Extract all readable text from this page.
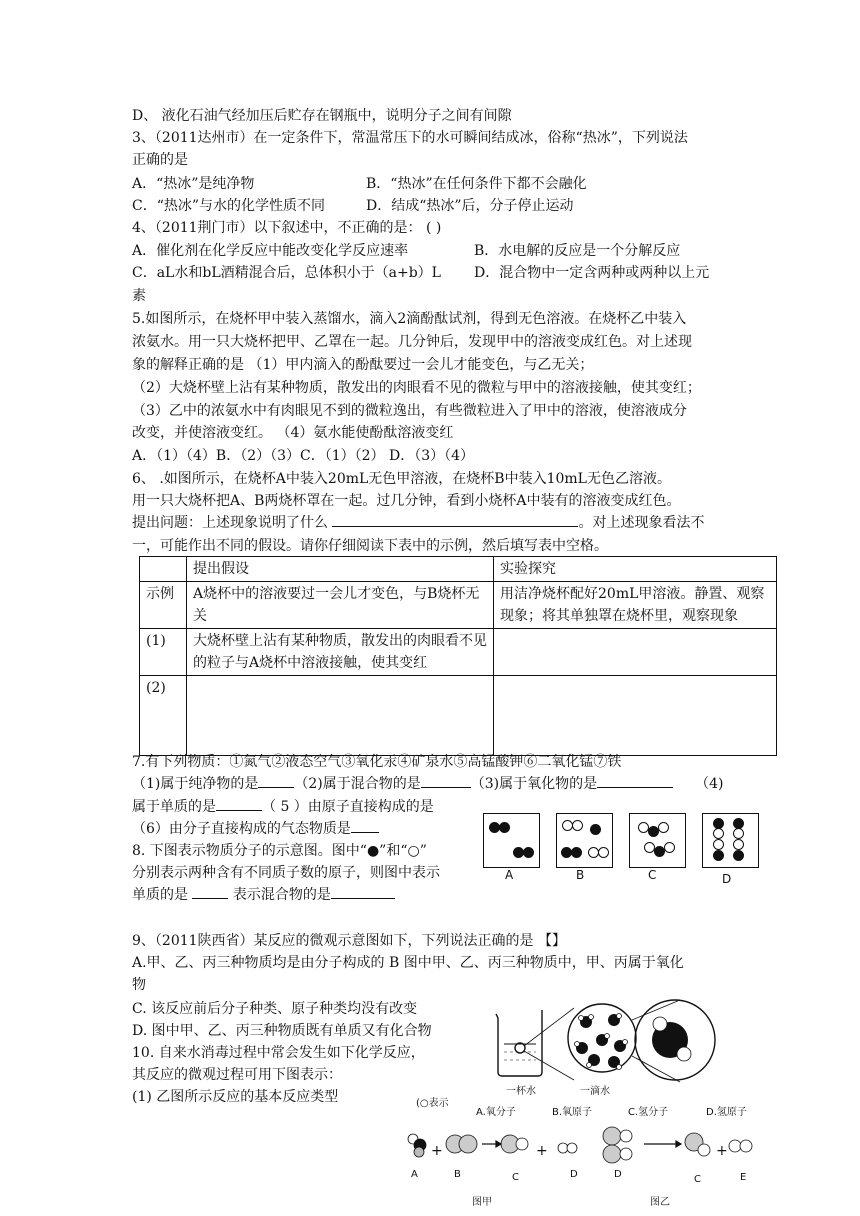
D、 液化石油气经加压后贮存在钢瓶中，说明分子之间有间隙
3、（2011达州市）在一定条件下，常温常压下的水可瞬间结成冰，俗称“热冰”，下列说法
正确的是
A．“热冰”是纯净物	B．“热冰”在任何条件下都不会融化
C．“热冰”与水的化学性质不同	D．结成“热冰”后，分子停止运动
4、（2011荆门市）以下叙述中，不正确的是： ( )
A．催化剂在化学反应中能改变化学反应速率	B．水电解的反应是一个分解反应
C．aL水和bL酒精混合后，总体积小于（a+b）L D．混合物中一定含两种或两种以上元
素
5.如图所示，在烧杯甲中装入蒸馏水，滴入2滴酚酞试剂，得到无色溶液。在烧杯乙中装入
浓氨水。用一只大烧杯把甲、乙罩在一起。几分钟后，发现甲中的溶液变成红色。对上述现
象的解释正确的是 （1）甲内滴入的酚酞要过一会儿才能变色，与乙无关；
（2）大烧杯壁上沾有某种物质，散发出的肉眼看不见的微粒与甲中的溶液接触，使其变红；
（3）乙中的浓氨水中有肉眼见不到的微粒逸出，有些微粒进入了甲中的溶液，使溶液成分
改变，并使溶液变红。 （4）氨水能使酚酞溶液变红
A．（1）（4）B．（2）（3）C．（1）（2） D．（3）（4）
6、 .如图所示，在烧杯A中装入20mL无色甲溶液，在烧杯B中装入10mL无色乙溶液。
用一只大烧杯把A、B两烧杯罩在一起。过几分钟，看到小烧杯A中装有的溶液变成红色。
提出问题：上述现象说明了什么	。对上述现象看法不
一，可能作出不同的假设。请你仔细阅读下表中的示例，然后填写表中空格。
	提出假设	实验探究
示例	A烧杯中的溶液要过一会儿才变色，与B烧杯无关	用洁净烧杯配好20mL甲溶液。静置、观察现象；将其单独罩在烧杯里，观察现象
(1)	大烧杯壁上沾有某种物质，散发出的肉眼看不见的粒子与A烧杯中溶液接触，使其变红	
(2)		
7.有下列物质：①氮气②液态空气③氧化汞④矿泉水⑤高锰酸钾⑥二氧化锰⑦铁
（1)属于纯净物的是	（2)属于混合物的是	（3)属于氧化物的是	（4)
属于单质的是	（ 5 ）由原子直接构成的是
（6）由分子直接构成的气态物质是
8. 下图表示物质分子的示意图。图中“●”和“○”
分别表示两种含有不同质子数的原子，则图中表示
单质的是	表示混合物的是
A	B	C	D
9、（2011陕西省）某反应的微观示意图如下，下列说法正确的是 【】
A.甲、乙、丙三种物质均是由分子构成的 B 图中甲、乙、丙三种物质中，甲、丙属于氧化
物
C. 该反应前后分子种类、原子种类均没有改变
D. 图中甲、乙、丙三种物质既有单质又有化合物
10. 自来水消毒过程中常会发生如下化学反应，
其反应的微观过程可用下图表示：
(1) 乙图所示反应的基本反应类型	一杯水	一滴水
(○表示
A.氧分子	B.氧原子	C.氢分子	D.氢原子
+	+	+
A	B	C	D	D	C	E
图甲	图乙
